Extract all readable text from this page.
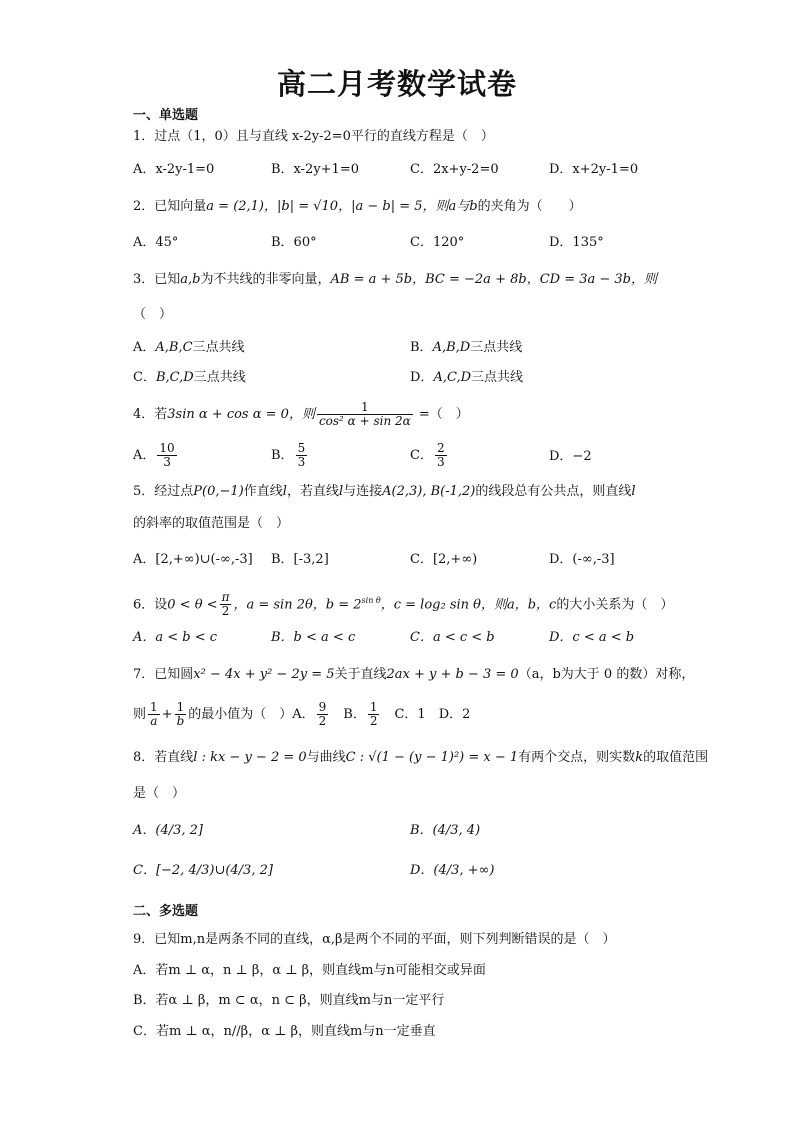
高二月考数学试卷
一、单选题
1．过点（1，0）且与直线 x-2y-2=0平行的直线方程是（　）
A．x-2y-1=0	B．x-2y+1=0	C．2x+y-2=0	D．x+2y-1=0
2．已知向量a = (2,1)，|b| = √10，|a − b| = 5，则a与b的夹角为（　　）
A．45°	B．60°	C．120°	D．135°
3．已知a,b为不共线的非零向量，AB = a + 5b，BC = −2a + 8b，CD = 3a − 3b，则
（　）
A．A,B,C三点共线	B．A,B,D三点共线
C．B,C,D三点共线	D．A,C,D三点共线
4．若3sin α + cos α = 0，则 $\frac{1}{\text{cos² α + sin 2α}}$ =（　）
A． $\frac{10}{3}$	B． $\frac{5}{3}$	C． $\frac{2}{3}$	D．−2
5．经过点P(0,−1)作直线l，若直线l与连接A(2,3), B(-1,2)的线段总有公共点，则直线l
的斜率的取值范围是（　）
A．[2,+∞)∪(-∞,-3] B．[-3,2]	C．[2,+∞)	D．(-∞,-3]
6．设$0 < \theta < \frac{\pi}{2}$ ，a = sin 2θ，$b = 2^{sin \theta}$，c = log₂ sin θ，则a，b，c的大小关系为（　）
A．a < b < c	B．b < a < c	C．a < c < b	D．c < a < b
7．已知圆x² − 4x + y² − 2y = 5关于直线2ax + y + b − 3 = 0（a，b为大于 0 的数）对称，
则 $\frac{1}{a} + \frac{1}{b}$ 的最小值为（　）A． $\frac{9}{2}$ 　B． $\frac{1}{2}$ 　C．1　D．2
8．若直线l : kx − y − 2 = 0与曲线C : √(1 − (y − 1)²) = x − 1有两个交点，则实数k的取值范围
是（　）
A．(4/3, 2]	B．(4/3, 4)
C．[−2, 4/3)∪(4/3, 2]	D．(4/3, +∞)
二、多选题
9．已知m,n是两条不同的直线，α,β是两个不同的平面，则下列判断错误的是（　）
A．若m ⊥ α，n ⊥ β，α ⊥ β，则直线m与n可能相交或异面
B．若α ⊥ β，m ⊂ α，n ⊂ β，则直线m与n一定平行
C．若m ⊥ α，n//β，α ⊥ β，则直线m与n一定垂直
